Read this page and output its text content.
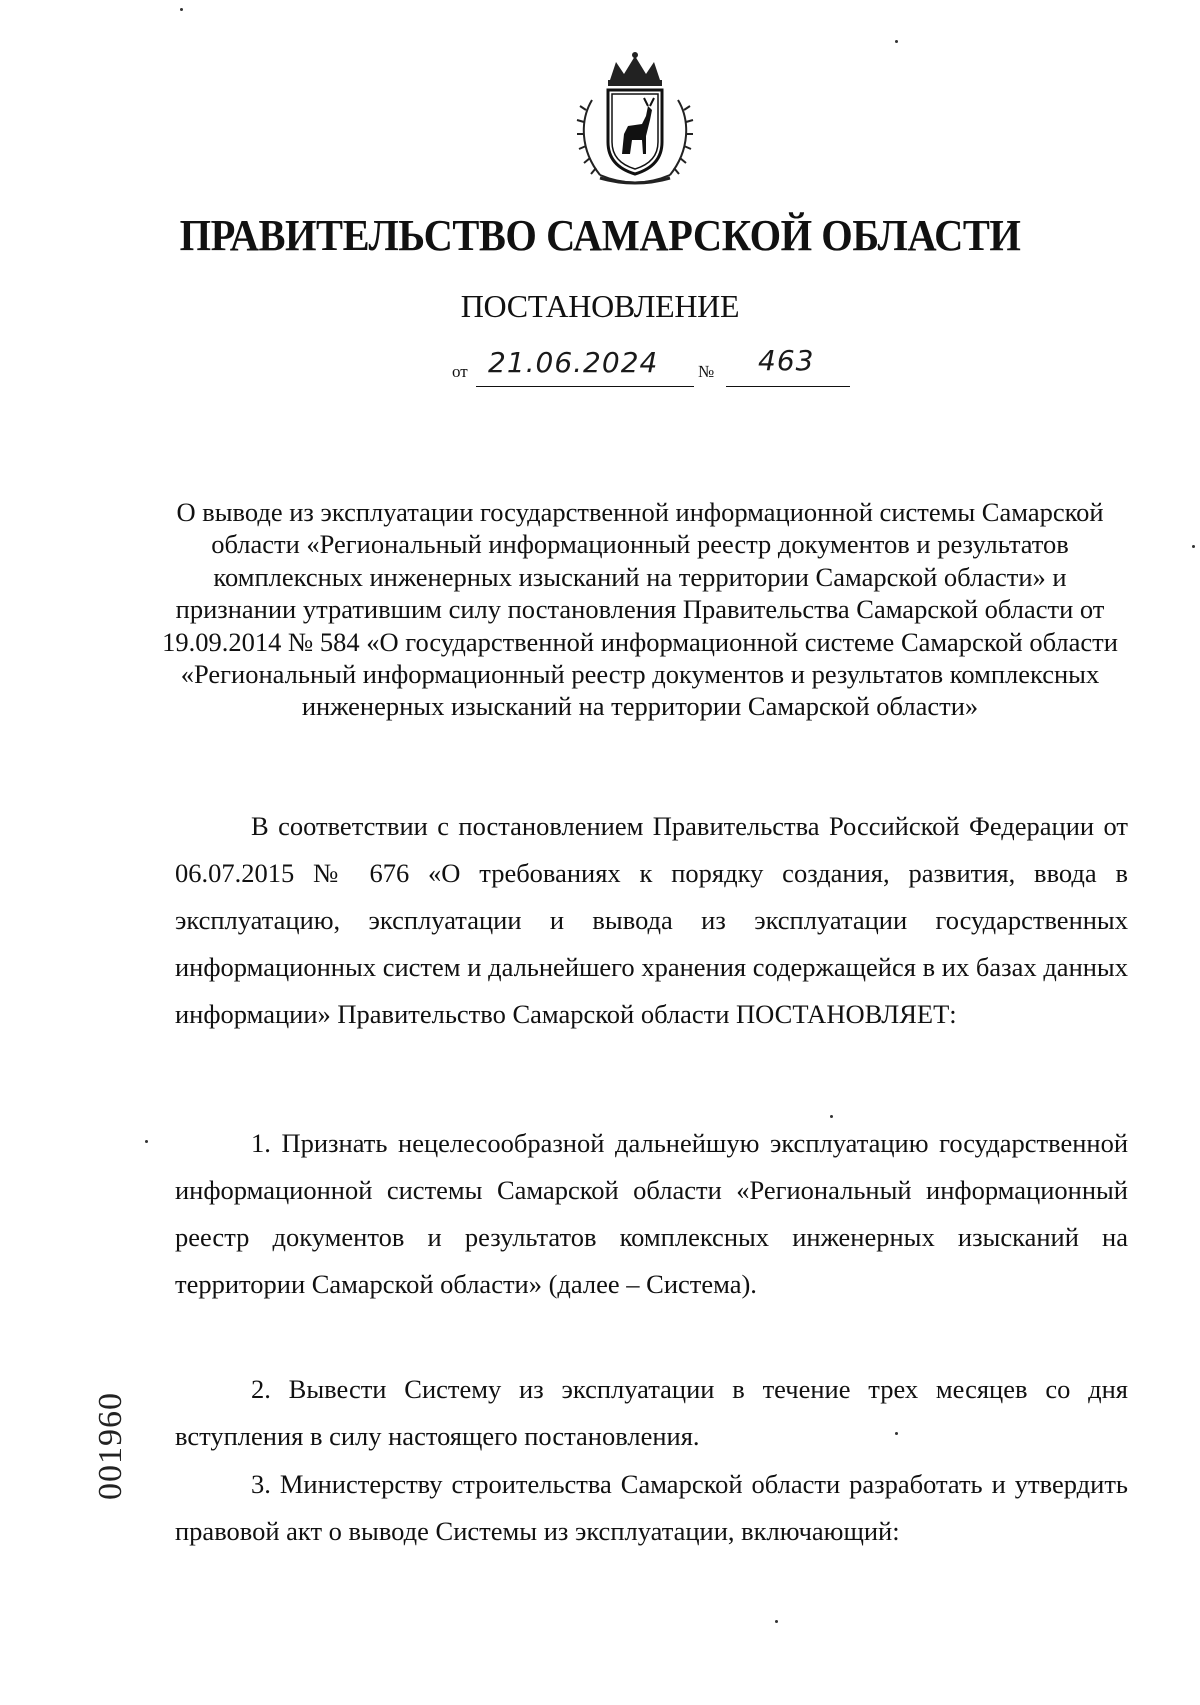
ПРАВИТЕЛЬСТВО САМАРСКОЙ ОБЛАСТИ
ПОСТАНОВЛЕНИЕ
от 21.06.2024 № 463
О выводе из эксплуатации государственной информационной системы Самарской области «Региональный информационный реестр документов и результатов комплексных инженерных изысканий на территории Самарской области» и признании утратившим силу постановления Правительства Самарской области от 19.09.2014 № 584 «О государственной информационной системе Самарской области «Региональный информационный реестр документов и результатов комплексных инженерных изысканий на территории Самарской области»

В соответствии с постановлением Правительства Российской Федерации от 06.07.2015 № 676 «О требованиях к порядку создания, развития, ввода в эксплуатацию, эксплуатации и вывода из эксплуатации государственных информационных систем и дальнейшего хранения содержащейся в их базах данных информации» Правительство Самарской области ПОСТАНОВЛЯЕТ:

1. Признать нецелесообразной дальнейшую эксплуатацию государственной информационной системы Самарской области «Региональный информационный реестр документов и результатов комплексных инженерных изысканий на территории Самарской области» (далее – Система).

2. Вывести Систему из эксплуатации в течение трех месяцев со дня вступления в силу настоящего постановления.

3. Министерству строительства Самарской области разработать и утвердить правовой акт о выводе Системы из эксплуатации, включающий:

001960
